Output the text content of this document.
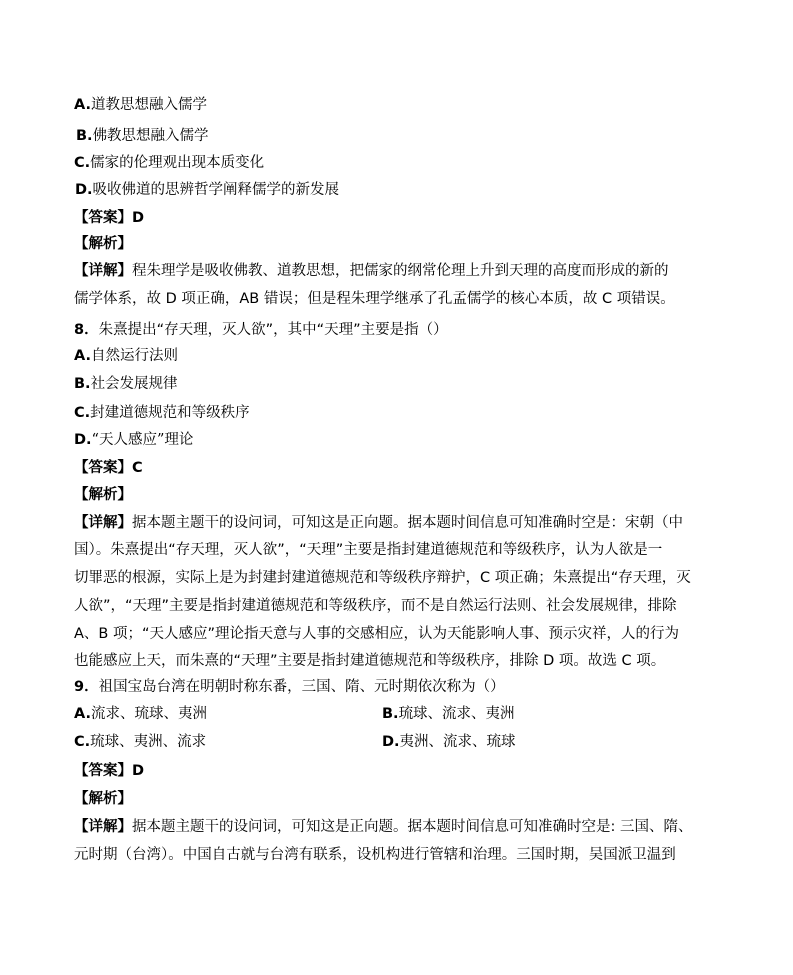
A.道教思想融入儒学
B.佛教思想融入儒学
C.儒家的伦理观出现本质变化
D.吸收佛道的思辨哲学阐释儒学的新发展
【答案】D
【解析】
【详解】程朱理学是吸收佛教、道教思想，把儒家的纲常伦理上升到天理的高度而形成的新的
儒学体系，故 D 项正确，AB 错误；但是程朱理学继承了孔孟儒学的核心本质，故 C 项错误。
8．朱熹提出“存天理，灭人欲”，其中“天理”主要是指（）
A.自然运行法则
B.社会发展规律
C.封建道德规范和等级秩序
D.“天人感应”理论
【答案】C
【解析】
【详解】据本题主题干的设问词，可知这是正向题。据本题时间信息可知准确时空是：宋朝（中
国）。朱熹提出“存天理，灭人欲”，“天理”主要是指封建道德规范和等级秩序，认为人欲是一
切罪恶的根源，实际上是为封建封建道德规范和等级秩序辩护，C 项正确；朱熹提出“存天理，灭
人欲”，“天理”主要是指封建道德规范和等级秩序，而不是自然运行法则、社会发展规律，排除
A、B 项；“天人感应”理论指天意与人事的交感相应，认为天能影响人事、预示灾祥，人的行为
也能感应上天，而朱熹的“天理”主要是指封建道德规范和等级秩序，排除 D 项。故选 C 项。
9．祖国宝岛台湾在明朝时称东番，三国、隋、元时期依次称为（）
A.流求、琉球、夷洲	B.琉球、流求、夷洲
C.琉球、夷洲、流求	D.夷洲、流求、琉球
【答案】D
【解析】
【详解】据本题主题干的设问词，可知这是正向题。据本题时间信息可知准确时空是: 三国、隋、
元时期（台湾）。中国自古就与台湾有联系，设机构进行管辖和治理。三国时期，吴国派卫温到
